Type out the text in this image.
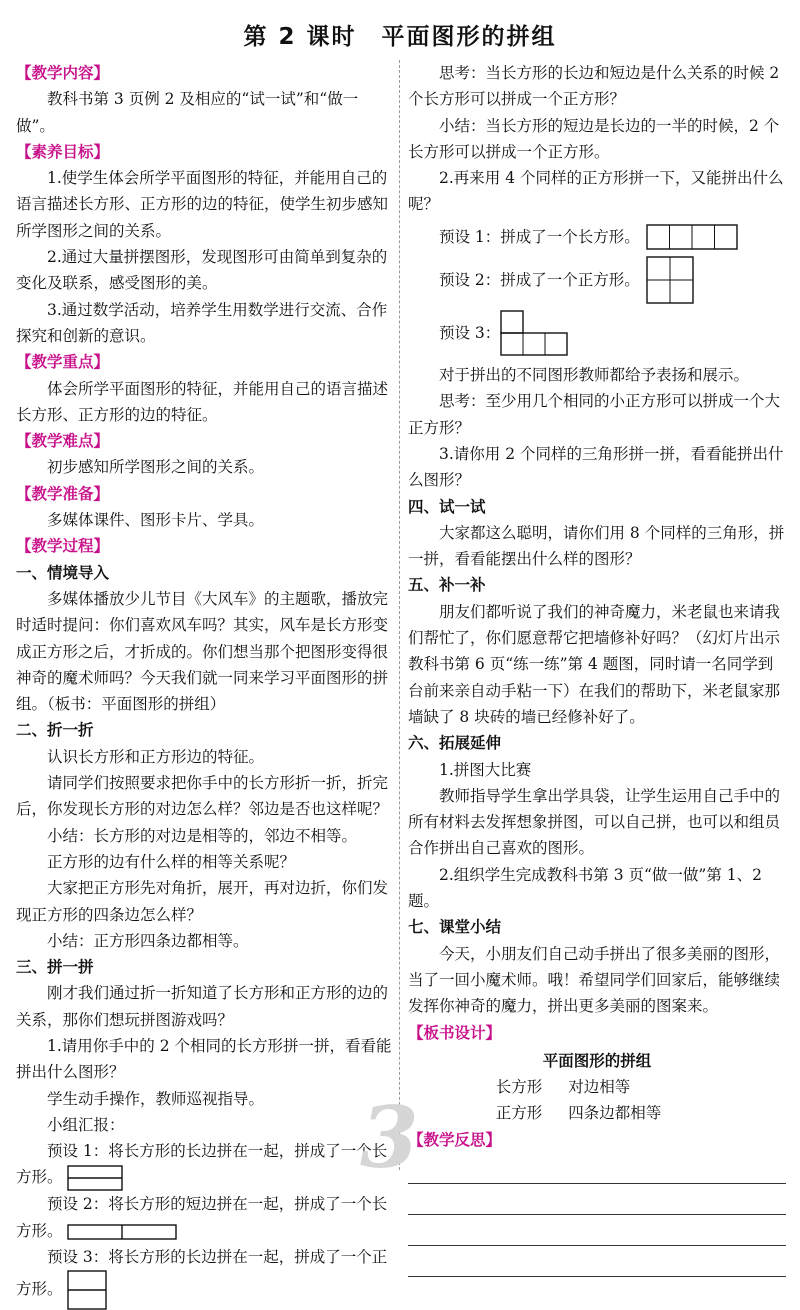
第 2 课时　平面图形的拼组

【教学内容】

教科书第 3 页例 2 及相应的“试一试”和“做一做”。

【素养目标】

1.使学生体会所学平面图形的特征，并能用自己的语言描述长方形、正方形的边的特征，使学生初步感知所学图形之间的关系。

2.通过大量拼摆图形，发现图形可由简单到复杂的变化及联系，感受图形的美。

3.通过数学活动，培养学生用数学进行交流、合作探究和创新的意识。

【教学重点】

体会所学平面图形的特征，并能用自己的语言描述长方形、正方形的边的特征。

【教学难点】

初步感知所学图形之间的关系。

【教学准备】

多媒体课件、图形卡片、学具。

【教学过程】

一、情境导入

多媒体播放少儿节目《大风车》的主题歌，播放完时适时提问：你们喜欢风车吗？其实，风车是长方形变成正方形之后，才折成的。你们想当那个把图形变得很神奇的魔术师吗？今天我们就一同来学习平面图形的拼组。（板书：平面图形的拼组）

二、折一折

认识长方形和正方形边的特征。

请同学们按照要求把你手中的长方形折一折，折完后，你发现长方形的对边怎么样？邻边是否也这样呢？

小结：长方形的对边是相等的，邻边不相等。

正方形的边有什么样的相等关系呢？

大家把正方形先对角折，展开，再对边折，你们发现正方形的四条边怎么样？

小结：正方形四条边都相等。

三、拼一拼

刚才我们通过折一折知道了长方形和正方形的边的关系，那你们想玩拼图游戏吗？

1.请用你手中的 2 个相同的长方形拼一拼，看看能拼出什么图形？

学生动手操作，教师巡视指导。

小组汇报：

预设 1：将长方形的长边拼在一起，拼成了一个长方形。

预设 2：将长方形的短边拼在一起，拼成了一个长方形。

预设 3：将长方形的长边拼在一起，拼成了一个正方形。

思考：当长方形的长边和短边是什么关系的时候 2 个长方形可以拼成一个正方形？

小结：当长方形的短边是长边的一半的时候，2 个长方形可以拼成一个正方形。

2.再来用 4 个同样的正方形拼一下，又能拼出什么呢？

预设 1：拼成了一个长方形。

预设 2：拼成了一个正方形。

预设 3：

对于拼出的不同图形教师都给予表扬和展示。

思考：至少用几个相同的小正方形可以拼成一个大正方形？

3.请你用 2 个同样的三角形拼一拼，看看能拼出什么图形？

四、试一试

大家都这么聪明，请你们用 8 个同样的三角形，拼一拼，看看能摆出什么样的图形？

五、补一补

朋友们都听说了我们的神奇魔力，米老鼠也来请我们帮忙了，你们愿意帮它把墙修补好吗？（幻灯片出示教科书第 6 页“练一练”第 4 题图，同时请一名同学到台前来亲自动手粘一下）在我们的帮助下，米老鼠家那墙缺了 8 块砖的墙已经修补好了。

六、拓展延伸

1.拼图大比赛

教师指导学生拿出学具袋，让学生运用自己手中的所有材料去发挥想象拼图，可以自己拼，也可以和组员合作拼出自己喜欢的图形。

2.组织学生完成教科书第 3 页“做一做”第 1、2 题。

七、课堂小结

今天，小朋友们自己动手拼出了很多美丽的图形，当了一回小魔术师。哦！希望同学们回家后，能够继续发挥你神奇的魔力，拼出更多美丽的图案来。

【板书设计】

平面图形的拼组

长方形 对边相等
正方形 四条边都相等

【教学反思】

3
